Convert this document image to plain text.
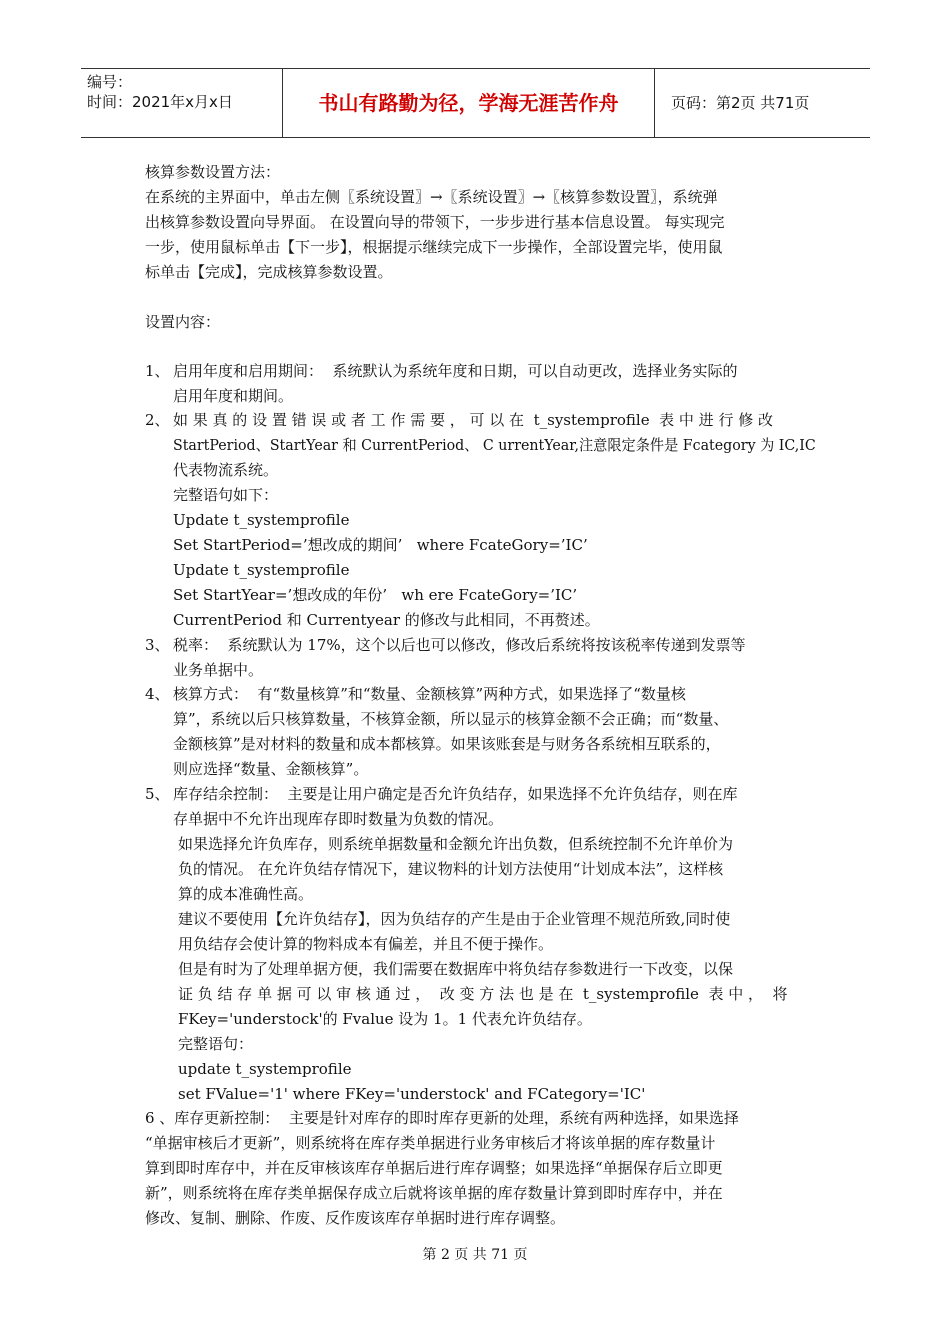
编号：
时间：2021年x月x日	书山有路勤为径，学海无涯苦作舟	页码：第2页 共71页
核算参数设置方法：
在系统的主界面中，单击左侧〖系统设置〗→〖系统设置〗→〖核算参数设置〗，系统弹
出核算参数设置向导界面。 在设置向导的带领下，一步步进行基本信息设置。 每实现完
一步，使用鼠标单击【下一步】，根据提示继续完成下一步操作，全部设置完毕，使用鼠
标单击【完成】，完成核算参数设置。
设置内容：
1、 启用年度和启用期间：  系统默认为系统年度和日期，可以自动更改，选择业务实际的
启用年度和期间。
2、 如 果 真 的 设 置 错 误 或 者 工 作 需 要 ， 可 以 在  t_systemprofile  表 中 进 行 修 改
StartPeriod、StartYear 和 CurrentPeriod、 C urrentYear,注意限定条件是 Fcategory 为 IC,IC
代表物流系统。
完整语句如下：
Update t_systemprofile
Set StartPeriod=’想改成的期间’   where FcateGory=’IC’
Update t_systemprofile
Set StartYear=’想改成的年份’   wh ere FcateGory=’IC’
CurrentPeriod 和 Currentyear 的修改与此相同，不再赘述。
3、 税率：  系统默认为 17%，这个以后也可以修改，修改后系统将按该税率传递到发票等
业务单据中。
4、 核算方式：  有“数量核算”和“数量、金额核算”两种方式，如果选择了“数量核
算”，系统以后只核算数量，不核算金额，所以显示的核算金额不会正确；而“数量、
金额核算”是对材料的数量和成本都核算。如果该账套是与财务各系统相互联系的，
则应选择“数量、金额核算”。
5、 库存结余控制：  主要是让用户确定是否允许负结存，如果选择不允许负结存，则在库
存单据中不允许出现库存即时数量为负数的情况。
如果选择允许负库存，则系统单据数量和金额允许出负数，但系统控制不允许单价为
负的情况。 在允许负结存情况下，建议物料的计划方法使用“计划成本法”，这样核
算的成本准确性高。
建议不要使用【允许负结存】，因为负结存的产生是由于企业管理不规范所致,同时使
用负结存会使计算的物料成本有偏差，并且不便于操作。
但是有时为了处理单据方便，我们需要在数据库中将负结存参数进行一下改变，以保
证 负 结 存 单 据 可 以 审 核 通 过 ，  改 变 方 法 也 是 在  t_systemprofile  表 中 ，  将
FKey='understock'的 Fvalue 设为 1。1 代表允许负结存。
完整语句：
update t_systemprofile
set FValue='1' where FKey='understock' and FCategory='IC'
6 、库存更新控制：  主要是针对库存的即时库存更新的处理，系统有两种选择，如果选择
“单据审核后才更新”，则系统将在库存类单据进行业务审核后才将该单据的库存数量计
算到即时库存中，并在反审核该库存单据后进行库存调整；如果选择“单据保存后立即更
新”，则系统将在库存类单据保存成立后就将该单据的库存数量计算到即时库存中，并在
修改、复制、删除、作废、反作废该库存单据时进行库存调整。
第 2 页 共 71 页
